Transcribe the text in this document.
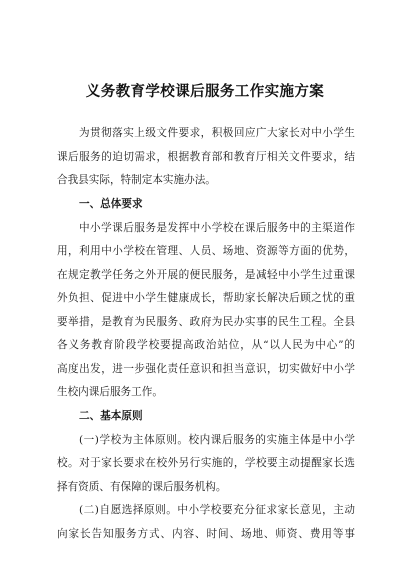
义务教育学校课后服务工作实施方案
为贯彻落实上级文件要求，积极回应广大家长对中小学生
课后服务的迫切需求，根据教育部和教育厅相关文件要求，结
合我县实际，特制定本实施办法。
一、总体要求
中小学课后服务是发挥中小学校在课后服务中的主渠道作
用，利用中小学校在管理、人员、场地、资源等方面的优势，
在规定教学任务之外开展的便民服务，是减轻中小学生过重课
外负担、促进中小学生健康成长，帮助家长解决后顾之忧的重
要举措，是教育为民服务、政府为民办实事的民生工程。全县
各义务教育阶段学校要提高政治站位，从“以人民为中心”的
高度出发，进一步强化责任意识和担当意识，切实做好中小学
生校内课后服务工作。
二、基本原则
(一)学校为主体原则。校内课后服务的实施主体是中小学
校。对于家长要求在校外另行实施的，学校要主动提醒家长选
择有资质、有保障的课后服务机构。
(二)自愿选择原则。中小学校要充分征求家长意见，主动
向家长告知服务方式、内容、时间、场地、师资、费用等事
